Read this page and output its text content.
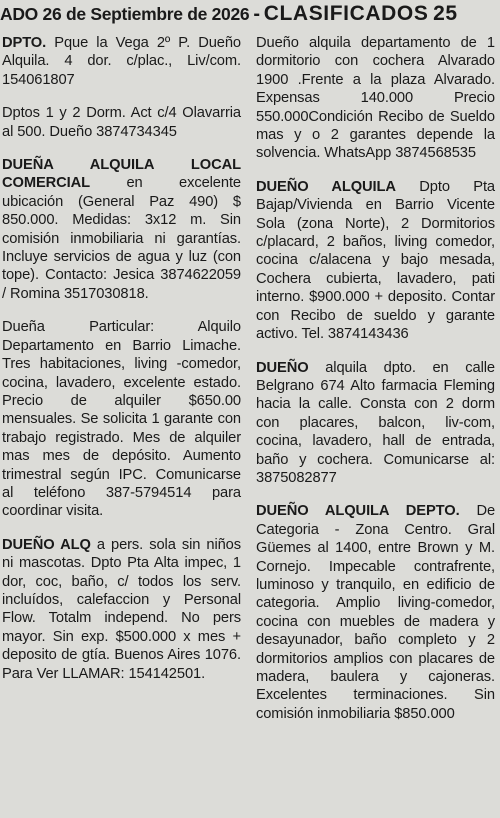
ADO 26 de Septiembre de 2026 - CLASIFICADOS 25

DPTO. Pque la Vega 2º P. Dueño Alquila. 4 dor. c/plac., Liv/com. 154061807

Dptos 1 y 2 Dorm. Act c/4 Olavarria al 500. Dueño 3874734345

DUEÑA ALQUILA LOCAL COMERCIAL en excelente ubicación (General Paz 490) $ 850.000. Medidas: 3x12 m. Sin comisión inmobiliaria ni garantías. Incluye servicios de agua y luz (con tope). Contacto: Jesica 3874622059 / Romina 3517030818.

Dueña Particular: Alquilo Departamento en Barrio Limache. Tres habitaciones, living -comedor, cocina, lavadero, excelente estado. Precio de alquiler $650.00 mensuales. Se solicita 1 garante con trabajo registrado. Mes de alquiler mas mes de depósito. Aumento trimestral según IPC. Comunicarse al teléfono 387-5794514 para coordinar visita.

DUEÑO ALQ a pers. sola sin niños ni mascotas. Dpto Pta Alta impec, 1 dor, coc, baño, c/ todos los serv. incluídos, calefaccion y Personal Flow. Totalm independ. No pers mayor. Sin exp. $500.000 x mes + deposito de gtía. Buenos Aires 1076. Para Ver LLAMAR: 154142501.

Dueño alquila departamento de 1 dormitorio con cochera Alvarado 1900 .Frente a la plaza Alvarado. Expensas 140.000 Precio 550.000Condición Recibo de Sueldo mas y o 2 garantes depende la solvencia. WhatsApp 3874568535

DUEÑO ALQUILA Dpto Pta Bajap/Vivienda en Barrio Vicente Sola (zona Norte), 2 Dormitorios c/placard, 2 baños, living comedor, cocina c/alacena y bajo mesada, Cochera cubierta, lavadero, pati interno. $900.000 + deposito. Contar con Recibo de sueldo y garante activo. Tel. 3874143436

DUEÑO alquila dpto. en calle Belgrano 674 Alto farmacia Fleming hacia la calle. Consta con 2 dorm con placares, balcon, liv-com, cocina, lavadero, hall de entrada, baño y cochera. Comunicarse al: 3875082877

DUEÑO ALQUILA DEPTO. De Categoria - Zona Centro. Gral Güemes al 1400, entre Brown y M. Cornejo. Impecable contrafrente, luminoso y tranquilo, en edificio de categoria. Amplio living-comedor, cocina con muebles de madera y desayunador, baño completo y 2 dormitorios amplios con placares de madera, baulera y cajoneras. Excelentes terminaciones. Sin comisión inmobiliaria $850.000
